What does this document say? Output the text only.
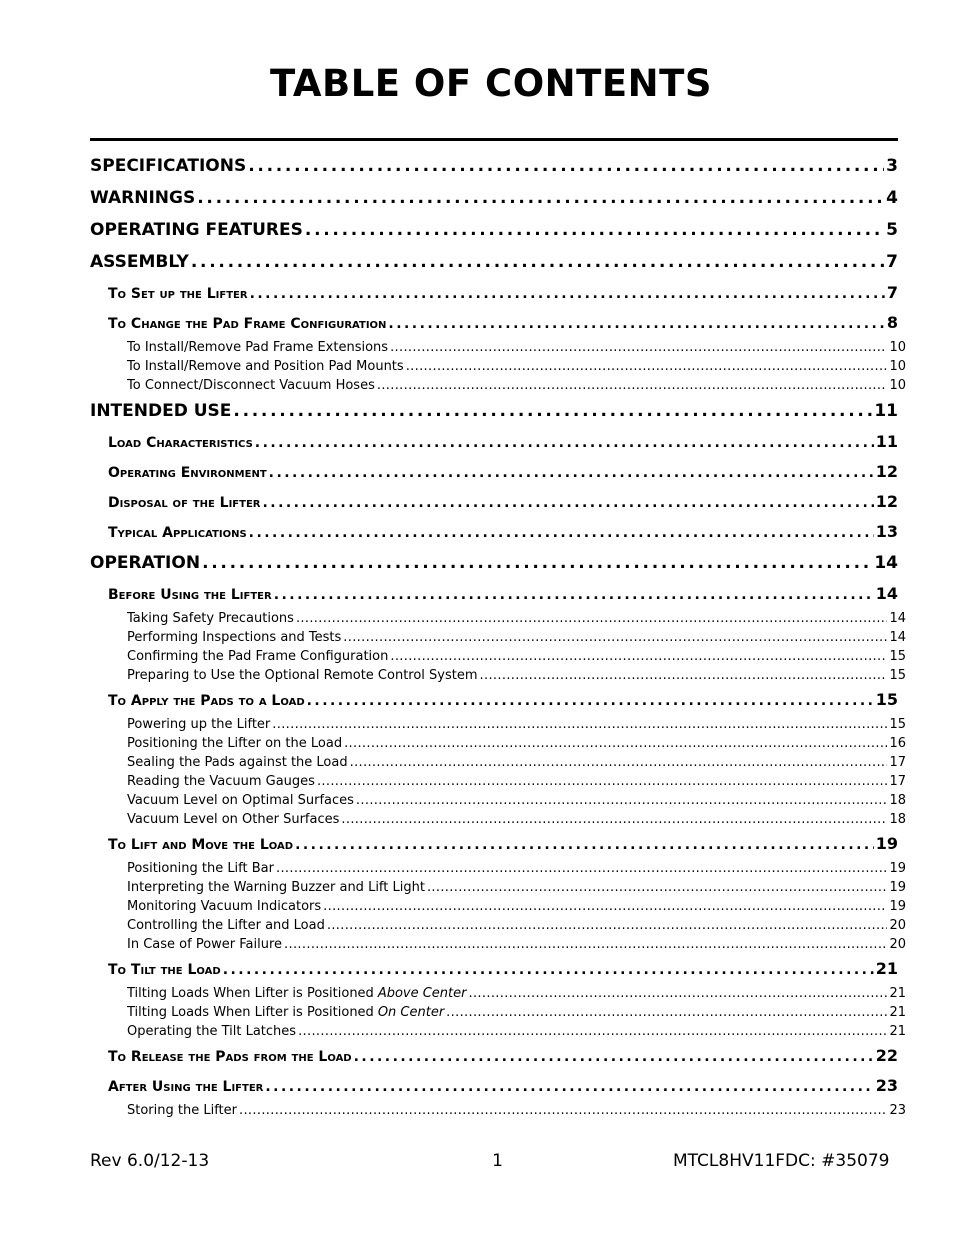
TABLE OF CONTENTS
SPECIFICATIONS . . .	3
WARNINGS . . .	4
OPERATING FEATURES . . .	5
ASSEMBLY . . .	7
To Set up the Lifter . . .	7
To Change the Pad Frame Configuration . . .	8
To Install/Remove Pad Frame Extensions . . .	10
To Install/Remove and Position Pad Mounts . . .	10
To Connect/Disconnect Vacuum Hoses . . .	10
INTENDED USE . . .	11
Load Characteristics . . .	11
Operating Environment . . .	12
Disposal of the Lifter . . .	12
Typical Applications . . .	13
OPERATION . . .	14
Before Using the Lifter . . .	14
Taking Safety Precautions . . .	14
Performing Inspections and Tests . . .	14
Confirming the Pad Frame Configuration . . .	15
Preparing to Use the Optional Remote Control System . . .	15
To Apply the Pads to a Load . . .	15
Powering up the Lifter . . .	15
Positioning the Lifter on the Load . . .	16
Sealing the Pads against the Load . . .	17
Reading the Vacuum Gauges . . .	17
Vacuum Level on Optimal Surfaces . . .	18
Vacuum Level on Other Surfaces . . .	18
To Lift and Move the Load . . .	19
Positioning the Lift Bar . . .	19
Interpreting the Warning Buzzer and Lift Light . . .	19
Monitoring Vacuum Indicators . . .	19
Controlling the Lifter and Load . . .	20
In Case of Power Failure . . .	20
To Tilt the Load . . .	21
Tilting Loads When Lifter is Positioned Above Center . . .	21
Tilting Loads When Lifter is Positioned On Center . . .	21
Operating the Tilt Latches . . .	21
To Release the Pads from the Load . . .	22
After Using the Lifter . . .	23
Storing the Lifter . . .	23
Rev 6.0/12-13	1	MTCL8HV11FDC: #35079
